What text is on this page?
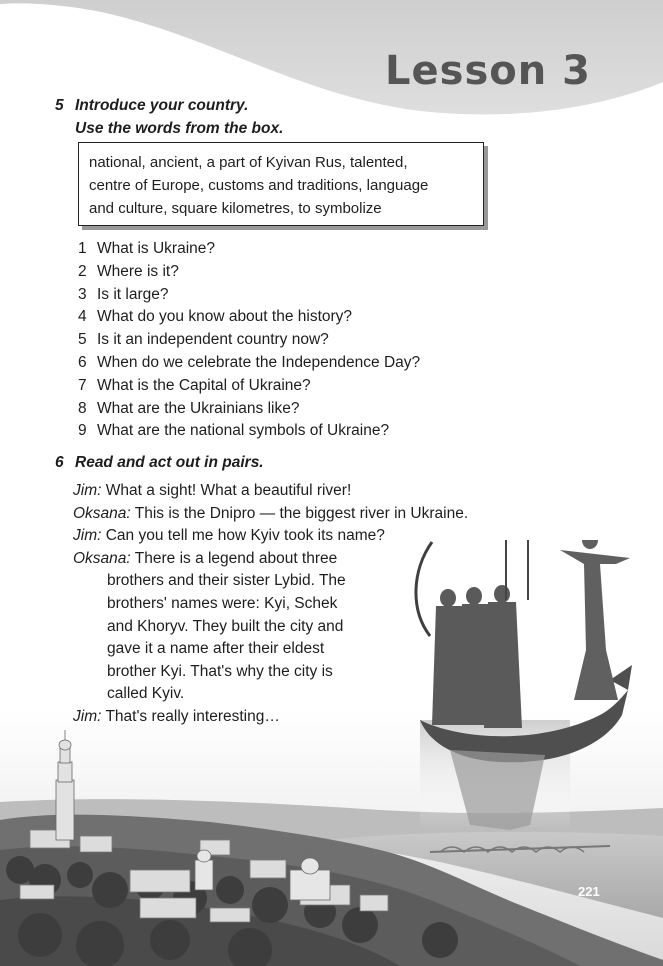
Lesson 3
5 Introduce your country.
Use the words from the box.
national, ancient, a part of Kyivan Rus, talented,
centre of Europe, customs and traditions, language
and culture, square kilometres, to symbolize
1 What is Ukraine?
2 Where is it?
3 Is it large?
4 What do you know about the history?
5 Is it an independent country now?
6 When do we celebrate the Independence Day?
7 What is the Capital of Ukraine?
8 What are the Ukrainians like?
9 What are the national symbols of Ukraine?
6 Read and act out in pairs.
Jim: What a sight! What a beautiful river!
Oksana: This is the Dnipro — the biggest river in Ukraine.
Jim: Can you tell me how Kyiv took its name?
Oksana: There is a legend about three
brothers and their sister Lybid. The
brothers' names were: Kyi, Schek
and Khoryv. They built the city and
gave it a name after their eldest
brother Kyi. That's why the city is
called Kyiv.
Jim: That's really interesting…
221
